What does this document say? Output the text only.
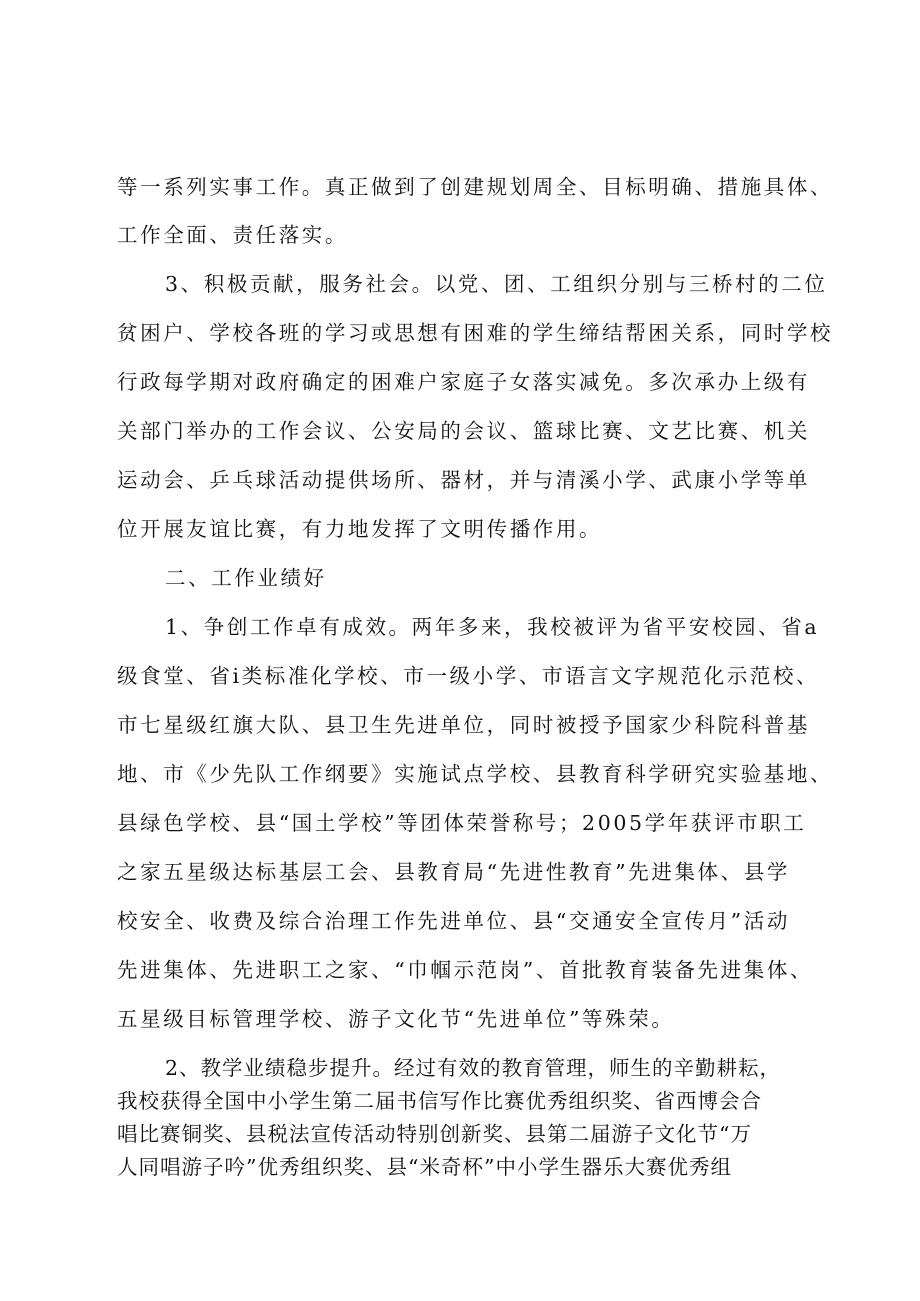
等一系列实事工作。真正做到了创建规划周全、目标明确、措施具体、
工作全面、责任落实。
3、积极贡献，服务社会。以党、团、工组织分别与三桥村的二位
贫困户、学校各班的学习或思想有困难的学生缔结帮困关系，同时学校
行政每学期对政府确定的困难户家庭子女落实减免。多次承办上级有
关部门举办的工作会议、公安局的会议、篮球比赛、文艺比赛、机关
运动会、乒乓球活动提供场所、器材，并与清溪小学、武康小学等单
位开展友谊比赛，有力地发挥了文明传播作用。
二、工作业绩好
1、争创工作卓有成效。两年多来，我校被评为省平安校园、省a
级食堂、省i类标准化学校、市一级小学、市语言文字规范化示范校、
市七星级红旗大队、县卫生先进单位，同时被授予国家少科院科普基
地、市《少先队工作纲要》实施试点学校、县教育科学研究实验基地、
县绿色学校、县“国土学校”等团体荣誉称号；2005学年获评市职工
之家五星级达标基层工会、县教育局“先进性教育”先进集体、县学
校安全、收费及综合治理工作先进单位、县“交通安全宣传月”活动
先进集体、先进职工之家、“巾帼示范岗”、首批教育装备先进集体、
五星级目标管理学校、游子文化节“先进单位”等殊荣。
2、教学业绩稳步提升。经过有效的教育管理，师生的辛勤耕耘，
我校获得全国中小学生第二届书信写作比赛优秀组织奖、省西博会合
唱比赛铜奖、县税法宣传活动特别创新奖、县第二届游子文化节“万
人同唱游子吟”优秀组织奖、县“米奇杯”中小学生器乐大赛优秀组
